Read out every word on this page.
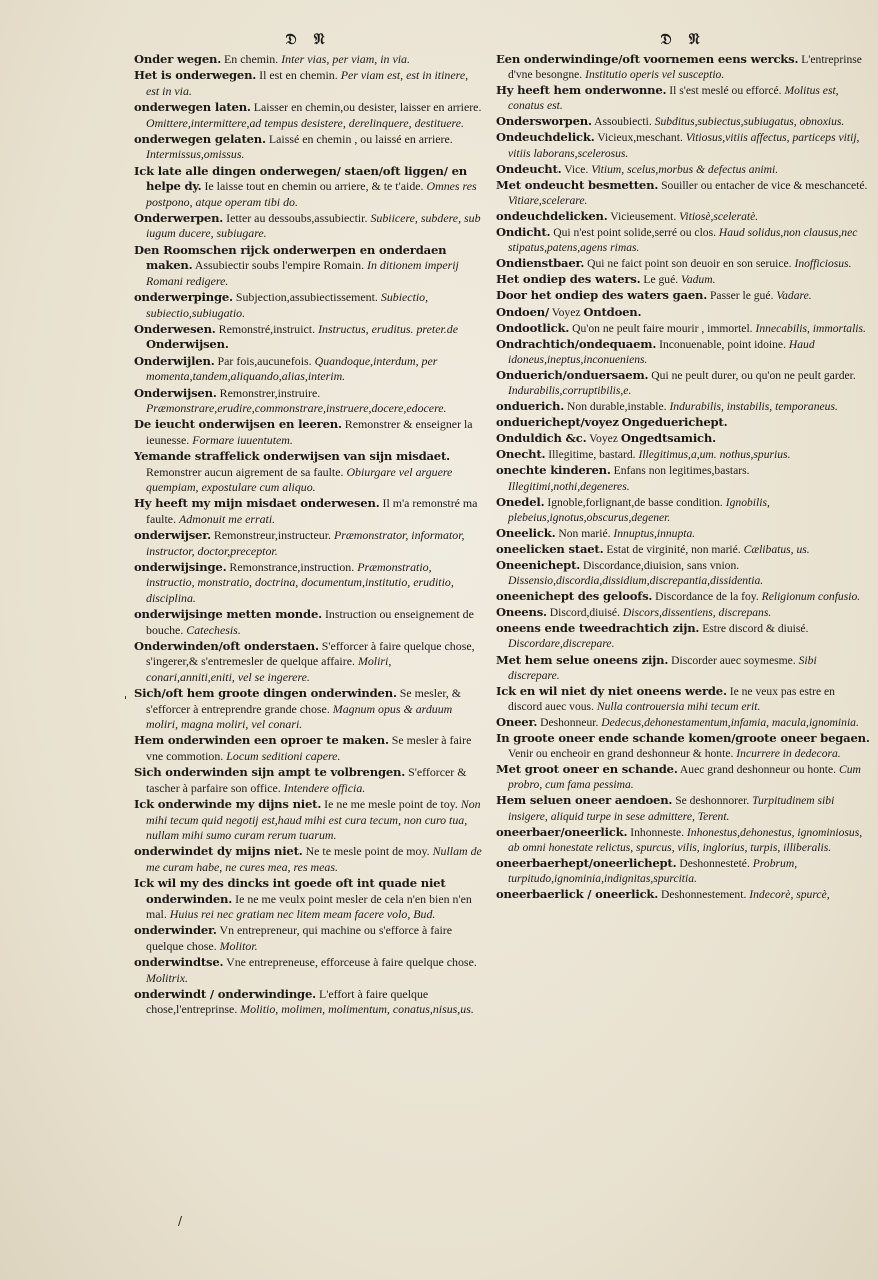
𝔇 𝔑

Onder wegen. En chemin. Inter vias, per viam, in via.

Het is onderwegen. Il est en chemin. Per viam est, est in itinere, est in via.

onderwegen laten. Laisser en chemin,ou desister, laisser en arriere. Omittere,intermittere,ad tempus desistere, derelinquere, destituere.

onderwegen gelaten. Laissé en chemin , ou laissé en arriere. Intermissus,omissus.

Ick late alle dingen onderwegen/ staen/oft liggen/ en helpe dy. Ie laisse tout en chemin ou arriere, & te t'aide. Omnes res postpono, atque operam tibi do.

Onderwerpen. Ietter au dessoubs,assubiectir. Subiicere, subdere, sub iugum ducere, subiugare.

Den Roomschen rijck onderwerpen en onderdaen maken. Assubiectir soubs l'empire Romain. In ditionem imperij Romani redigere.

onderwerpinge. Subjection,assubiectissement. Subiectio, subiectio,subiugatio.

Onderwesen. Remonstré,instruict. Instructus, eruditus. preter.de Onderwijsen.

Onderwijlen. Par fois,aucunefois. Quandoque,interdum, per momenta,tandem,aliquando,alias,interim.

Onderwijsen. Remonstrer,instruire. Præmonstrare,erudire,commonstrare,instruere,docere,edocere.

De ieucht onderwijsen en leeren. Remonstrer & enseigner la ieunesse. Formare iuuentutem.

Yemande straffelick onderwijsen van sijn misdaet. Remonstrer aucun aigrement de sa faulte. Obiurgare vel arguere quempiam, expostulare cum aliquo.

Hy heeft my mijn misdaet onderwesen. Il m'a remonstré ma faulte. Admonuit me errati.

onderwijser. Remonstreur,instructeur. Præmonstrator, informator, instructor, doctor,preceptor.

onderwijsinge. Remonstrance,instruction. Præmonstratio, instructio, monstratio, doctrina, documentum,institutio, eruditio, disciplina.

onderwijsinge metten monde. Instruction ou enseignement de bouche. Catechesis.

Onderwinden/oft onderstaen. S'efforcer à faire quelque chose, s'ingerer,& s'entremesler de quelque affaire. Moliri, conari,anniti,eniti, vel se ingerere.

Sich/oft hem groote dingen onderwinden. Se mesler, & s'efforcer à entreprendre grande chose. Magnum opus & arduum moliri, magna moliri, vel conari.

Hem onderwinden een oproer te maken. Se mesler à faire vne commotion. Locum seditioni capere.

Sich onderwinden sijn ampt te volbrengen. S'efforcer & tascher à parfaire son office. Intendere officia.

Ick onderwinde my dijns niet. Ie ne me mesle point de toy. Non mihi tecum quid negotij est,haud mihi est cura tecum, non curo tua, nullam mihi sumo curam rerum tuarum.

onderwindet dy mijns niet. Ne te mesle point de moy. Nullam de me curam habe, ne cures mea, res meas.

Ick wil my des dincks int goede oft int quade niet onderwinden. Ie ne me veulx point mesler de cela n'en bien n'en mal. Huius rei nec gratiam nec litem meam facere volo, Bud.

onderwinder. Vn entrepreneur, qui machine ou s'efforce à faire quelque chose. Molitor.

onderwindtse. Vne entrepreneuse, efforceuse à faire quelque chose. Molitrix.

onderwindt / onderwindinge. L'effort à faire quelque chose,l'entreprinse. Molitio, molimen, molimentum, conatus,nisus,us.

𝔇 𝔑

Een onderwindinge/oft voornemen eens wercks. L'entreprinse d'vne besongne. Institutio operis vel susceptio.

Hy heeft hem onderwonne. Il s'est meslé ou efforcé. Molitus est, conatus est.

Ondersworpen. Assoubiecti. Subditus,subiectus,subiugatus, obnoxius.

Ondeuchdelick. Vicieux,meschant. Vitiosus,vitiis affectus, particeps vitij, vitiis laborans,scelerosus.

Ondeucht. Vice. Vitium, scelus,morbus & defectus animi.

Met ondeucht besmetten. Souiller ou entacher de vice & meschanceté. Vitiare,scelerare.

ondeuchdelicken. Vicieusement. Vitiosè,sceleratè.

Ondicht. Qui n'est point solide,serré ou clos. Haud solidus,non clausus,nec stipatus,patens,agens rimas.

Ondienstbaer. Qui ne faict point son deuoir en son seruice. Inofficiosus.

Het ondiep des waters. Le gué. Vadum.

Door het ondiep des waters gaen. Passer le gué. Vadare.

Ondoen/ Voyez Ontdoen.

Ondootlick. Qu'on ne peult faire mourir , immortel. Innecabilis, immortalis.

Ondrachtich/ondequaem. Inconuenable, point idoine. Haud idoneus,ineptus,inconueniens.

Onduerich/onduersaem. Qui ne peult durer, ou qu'on ne peult garder. Indurabilis,corruptibilis,e.

onduerich. Non durable,instable. Indurabilis, instabilis, temporaneus.

onduerichept/voyez Ongeduerichept.

Onduldich &c. Voyez Ongedtsamich.

Onecht. Illegitime, bastard. Illegitimus,a,um. nothus,spurius.

onechte kinderen. Enfans non legitimes,bastars. Illegitimi,nothi,degeneres.

Onedel. Ignoble,forlignant,de basse condition. Ignobilis, plebeius,ignotus,obscurus,degener.

Oneelick. Non marié. Innuptus,innupta.

oneelicken staet. Estat de virginité, non marié. Cælibatus, us.

Oneenichept. Discordance,diuision, sans vnion. Dissensio,discordia,dissidium,discrepantia,dissidentia.

oneenichept des geloofs. Discordance de la foy. Religionum confusio.

Oneens. Discord,diuisé. Discors,dissentiens, discrepans.

oneens ende tweedrachtich zijn. Estre discord & diuisé. Discordare,discrepare.

Met hem selue oneens zijn. Discorder auec soymesme. Sibi discrepare.

Ick en wil niet dy niet oneens werde. Ie ne veux pas estre en discord auec vous. Nulla controuersia mihi tecum erit.

Oneer. Deshonneur. Dedecus,dehonestamentum,infamia, macula,ignominia.

In groote oneer ende schande komen/groote oneer begaen. Venir ou encheoir en grand deshonneur & honte. Incurrere in dedecora.

Met groot oneer en schande. Auec grand deshonneur ou honte. Cum probro, cum fama pessima.

Hem seluen oneer aendoen. Se deshonnorer. Turpitudinem sibi insigere, aliquid turpe in sese admittere, Terent.

oneerbaer/oneerlick. Inhonneste. Inhonestus,dehonestus, ignominiosus, ab omni honestate relictus, spurcus, vilis, inglorius, turpis, illiberalis.

oneerbaerhept/oneerlichept. Deshonnesteté. Probrum, turpitudo,ignominia,indignitas,spurcitia.

oneerbaerlick / oneerlick. Deshonnestement. Indecorè, spurcè,

'
/
